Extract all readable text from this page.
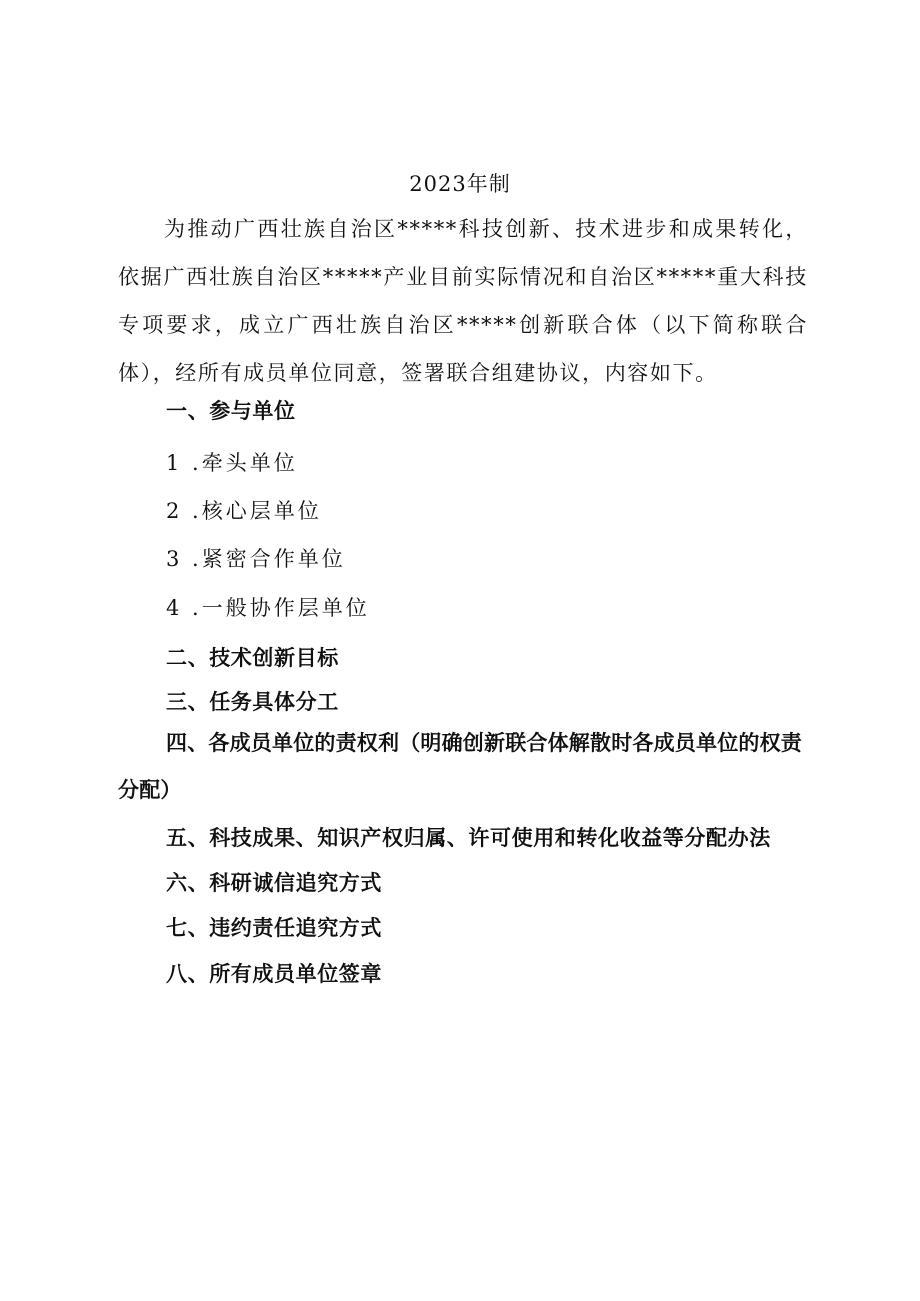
2023年制

为推动广西壮族自治区*****科技创新、技术进步和成果转化，依据广西壮族自治区*****产业目前实际情况和自治区*****重大科技专项要求，成立广西壮族自治区*****创新联合体（以下简称联合体），经所有成员单位同意，签署联合组建协议，内容如下。

一、参与单位
1 .牵头单位
2 .核心层单位
3 .紧密合作单位
4 .一般协作层单位
二、技术创新目标
三、任务具体分工

四、各成员单位的责权利（明确创新联合体解散时各成员单位的权责分配）

五、科技成果、知识产权归属、许可使用和转化收益等分配办法
六、科研诚信追究方式
七、违约责任追究方式
八、所有成员单位签章
